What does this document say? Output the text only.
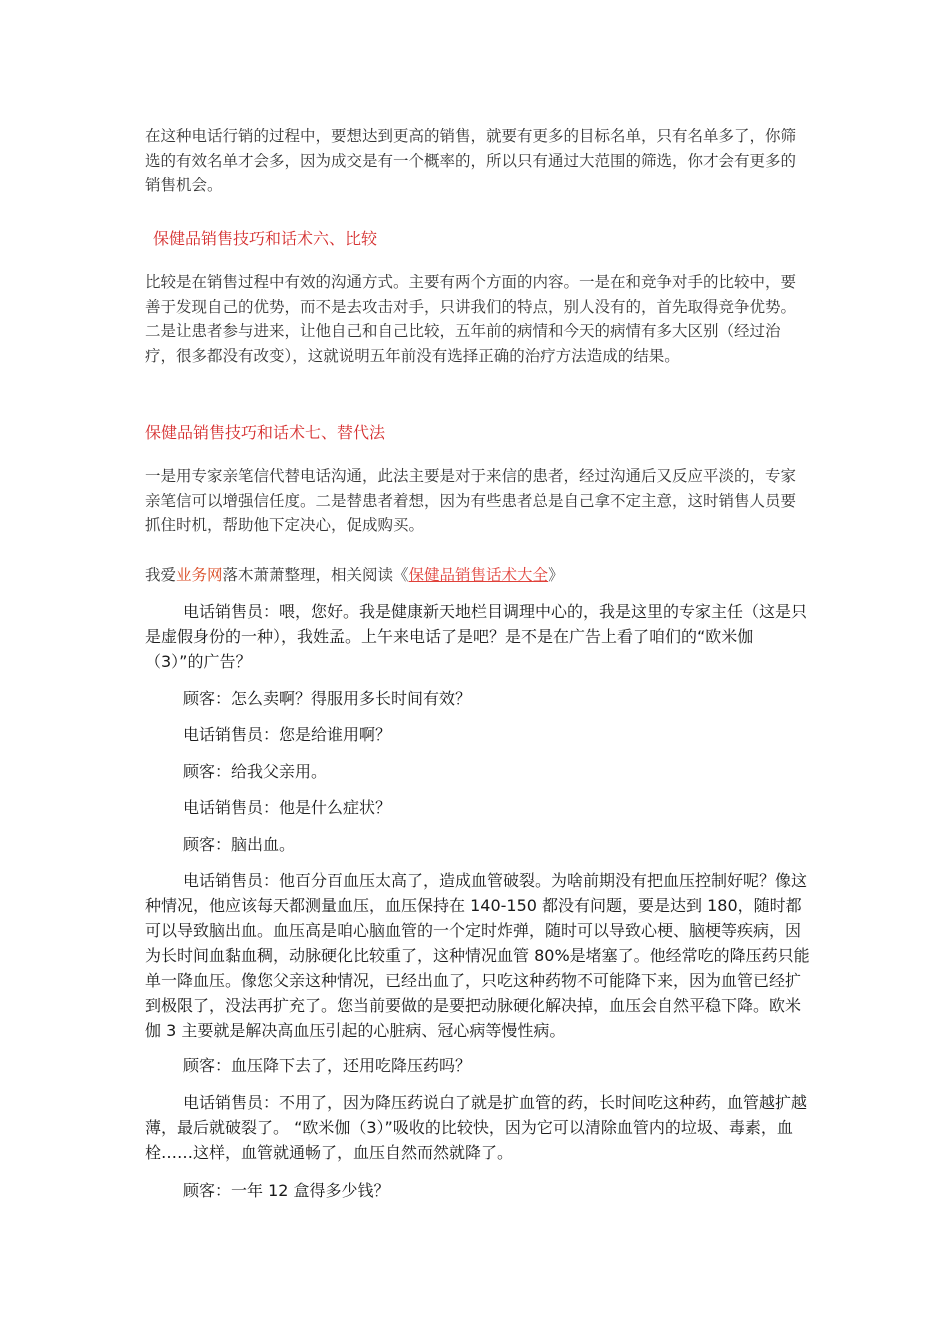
在这种电话行销的过程中，要想达到更高的销售，就要有更多的目标名单，只有名单多了，你筛选的有效名单才会多，因为成交是有一个概率的，所以只有通过大范围的筛选，你才会有更多的销售机会。

保健品销售技巧和话术六、比较

比较是在销售过程中有效的沟通方式。主要有两个方面的内容。一是在和竞争对手的比较中，要善于发现自己的优势，而不是去攻击对手，只讲我们的特点，别人没有的，首先取得竞争优势。二是让患者参与进来，让他自己和自己比较，五年前的病情和今天的病情有多大区别（经过治疗，很多都没有改变），这就说明五年前没有选择正确的治疗方法造成的结果。

保健品销售技巧和话术七、替代法

一是用专家亲笔信代替电话沟通，此法主要是对于来信的患者，经过沟通后又反应平淡的，专家亲笔信可以增强信任度。二是替患者着想，因为有些患者总是自己拿不定主意，这时销售人员要抓住时机，帮助他下定决心，促成购买。

我爱业务网落木萧萧整理，相关阅读《保健品销售话术大全》

电话销售员：喂，您好。我是健康新天地栏目调理中心的，我是这里的专家主任（这是只是虚假身份的一种），我姓孟。上午来电话了是吧？是不是在广告上看了咱们的“欧米伽（3）”的广告？

顾客：怎么卖啊？得服用多长时间有效？

电话销售员：您是给谁用啊？

顾客：给我父亲用。

电话销售员：他是什么症状？

顾客：脑出血。

电话销售员：他百分百血压太高了，造成血管破裂。为啥前期没有把血压控制好呢？像这种情况，他应该每天都测量血压，血压保持在 140-150 都没有问题，要是达到 180，随时都可以导致脑出血。血压高是咱心脑血管的一个定时炸弹，随时可以导致心梗、脑梗等疾病，因为长时间血黏血稠，动脉硬化比较重了，这种情况血管 80%是堵塞了。他经常吃的降压药只能单一降血压。像您父亲这种情况，已经出血了，只吃这种药物不可能降下来，因为血管已经扩到极限了，没法再扩充了。您当前要做的是要把动脉硬化解决掉，血压会自然平稳下降。欧米伽 3 主要就是解决高血压引起的心脏病、冠心病等慢性病。

顾客：血压降下去了，还用吃降压药吗？

电话销售员：不用了，因为降压药说白了就是扩血管的药，长时间吃这种药，血管越扩越薄，最后就破裂了。 “欧米伽（3）”吸收的比较快，因为它可以清除血管内的垃圾、毒素，血栓……这样，血管就通畅了，血压自然而然就降了。

顾客：一年 12 盒得多少钱？
